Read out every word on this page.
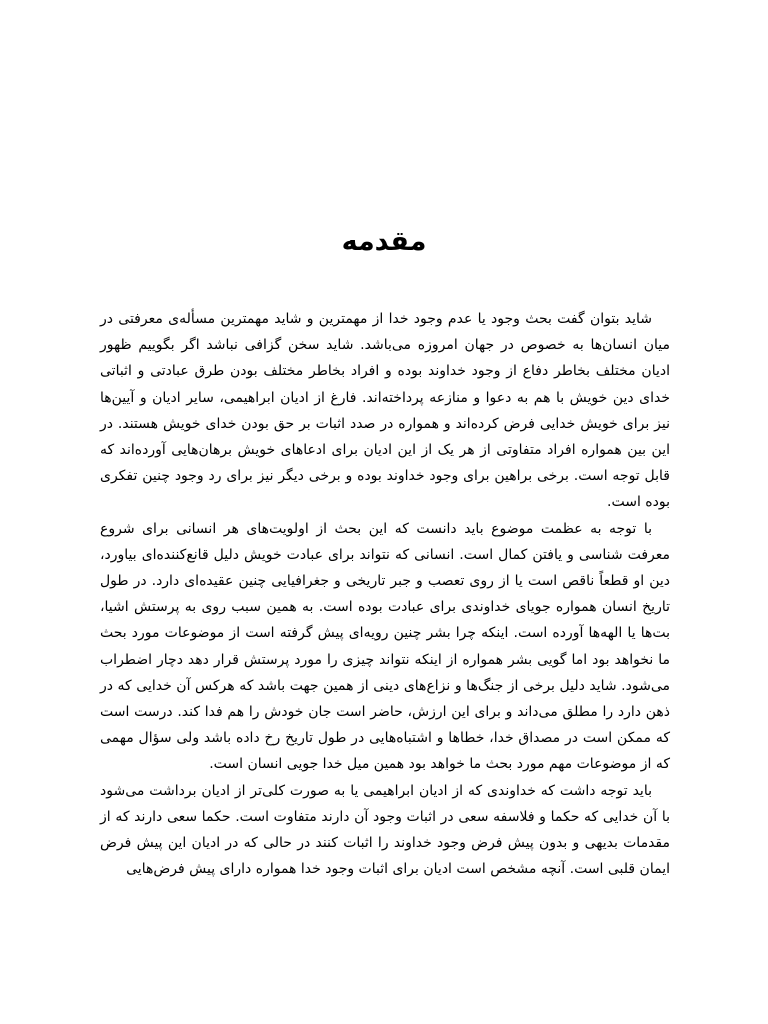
مقدمه

شاید بتوان گفت بحث وجود یا عدم وجود خدا از مهمترین و شاید مهمترین مسأله‌ی معرفتی در میان انسان‌ها به خصوص در جهان امروزه می‌باشد. شاید سخن گزافی نباشد اگر بگوییم ظهور ادیان مختلف بخاطر دفاع از وجود خداوند بوده و افراد بخاطر مختلف بودن طرق عبادتی و اثباتی خدای دین خویش با هم به دعوا و منازعه پرداخته‌اند. فارغ از ادیان ابراهیمی، سایر ادیان و آیین‌ها نیز برای خویش خدایی فرض کرده‌اند و همواره در صدد اثبات بر حق بودن خدای خویش هستند. در این بین همواره افراد متفاوتی از هر یک از این ادیان برای ادعاهای خویش برهان‌هایی آورده‌اند که قابل توجه است. برخی براهین برای وجود خداوند بوده و برخی دیگر نیز برای رد وجود چنین تفکری بوده است.

با توجه به عظمت موضوع باید دانست که این بحث از اولویت‌های هر انسانی برای شروع معرفت شناسی و یافتن کمال است. انسانی که نتواند برای عبادت خویش دلیل قانع‌کننده‌ای بیاورد، دین او قطعاً ناقص است یا از روی تعصب و جبر تاریخی و جغرافیایی چنین عقیده‌ای دارد. در طول تاریخ انسان همواره جویای خداوندی برای عبادت بوده است. به همین سبب روی به پرستش اشیا، بت‌ها یا الهه‌ها آورده است. اینکه چرا بشر چنین رویه‌ای پیش گرفته است از موضوعات مورد بحث ما نخواهد بود اما گویی بشر همواره از اینکه نتواند چیزی را مورد پرستش قرار دهد دچار اضطراب می‌شود. شاید دلیل برخی از جنگ‌ها و نزاع‌های دینی از همین جهت باشد که هرکس آن خدایی که در ذهن دارد را مطلق می‌داند و برای این ارزش، حاضر است جان خودش را هم فدا کند. درست است که ممکن است در مصداق خدا، خطاها و اشتباه‌هایی در طول تاریخ رخ داده باشد ولی سؤال مهمی که از موضوعات مهم مورد بحث ما خواهد بود همین میل خدا جویی انسان است.

باید توجه داشت که خداوندی که از ادیان ابراهیمی یا به صورت کلی‌تر از ادیان برداشت می‌شود با آن خدایی که حکما و فلاسفه سعی در اثبات وجود آن دارند متفاوت است. حکما سعی دارند که از مقدمات بدیهی و بدون پیش فرض وجود خداوند را اثبات کنند در حالی که در ادیان این پیش فرض ایمان قلبی است. آنچه مشخص است ادیان برای اثبات وجود خدا همواره دارای پیش فرض‌هایی
